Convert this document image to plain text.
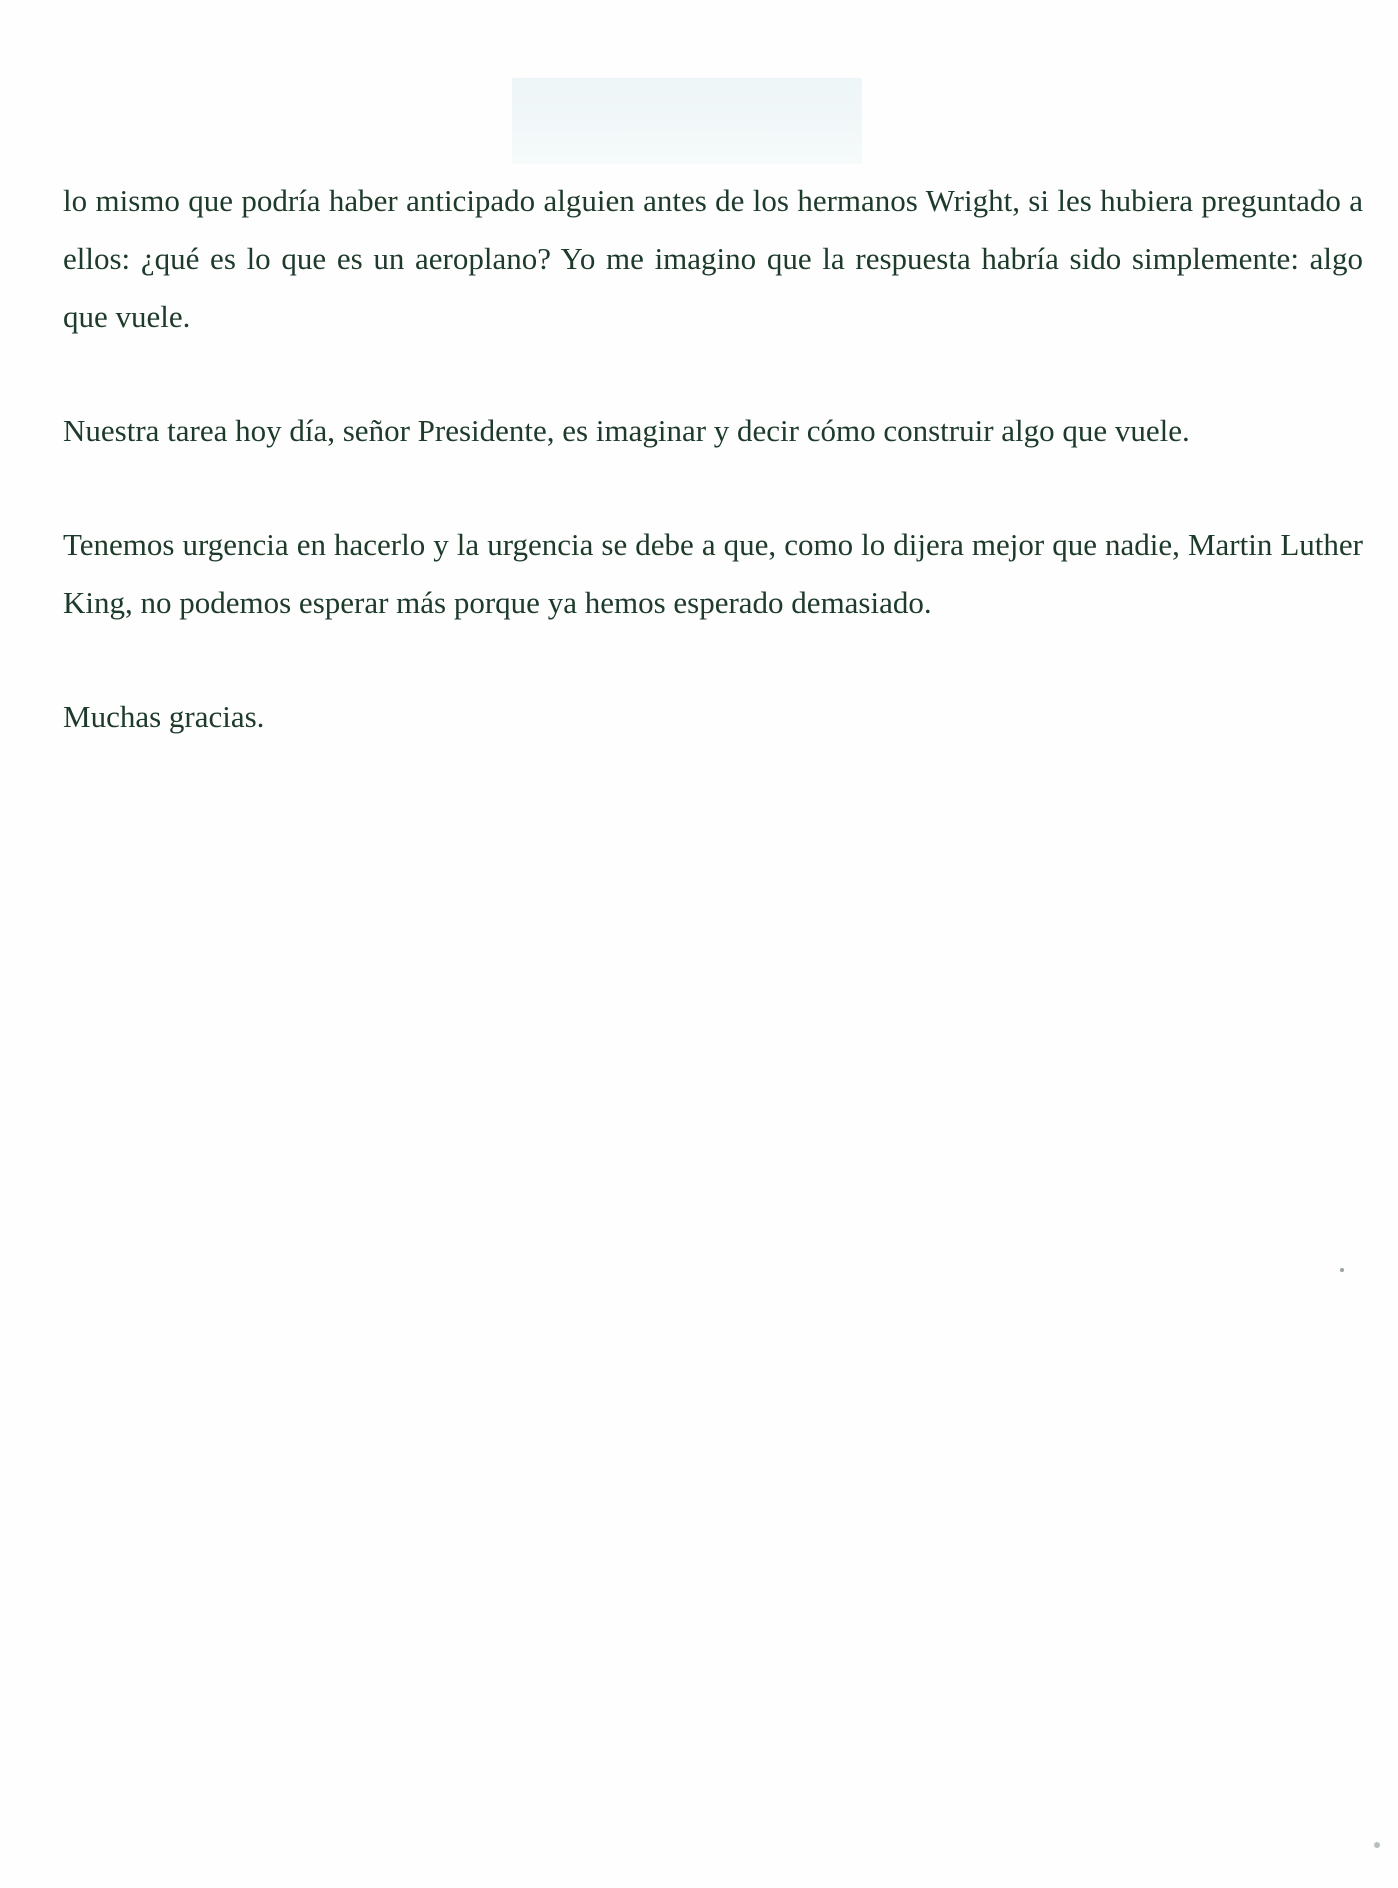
lo mismo que podría haber anticipado alguien antes de los hermanos Wright, si les hubiera preguntado a ellos: ¿qué es lo que es un aeroplano? Yo me imagino que la respuesta habría sido simplemente: algo que vuele.

Nuestra tarea hoy día, señor Presidente, es imaginar y decir cómo construir algo que vuele.

Tenemos urgencia en hacerlo y la urgencia se debe a que, como lo dijera mejor que nadie, Martin Luther King, no podemos esperar más porque ya hemos esperado demasiado.

Muchas gracias.
